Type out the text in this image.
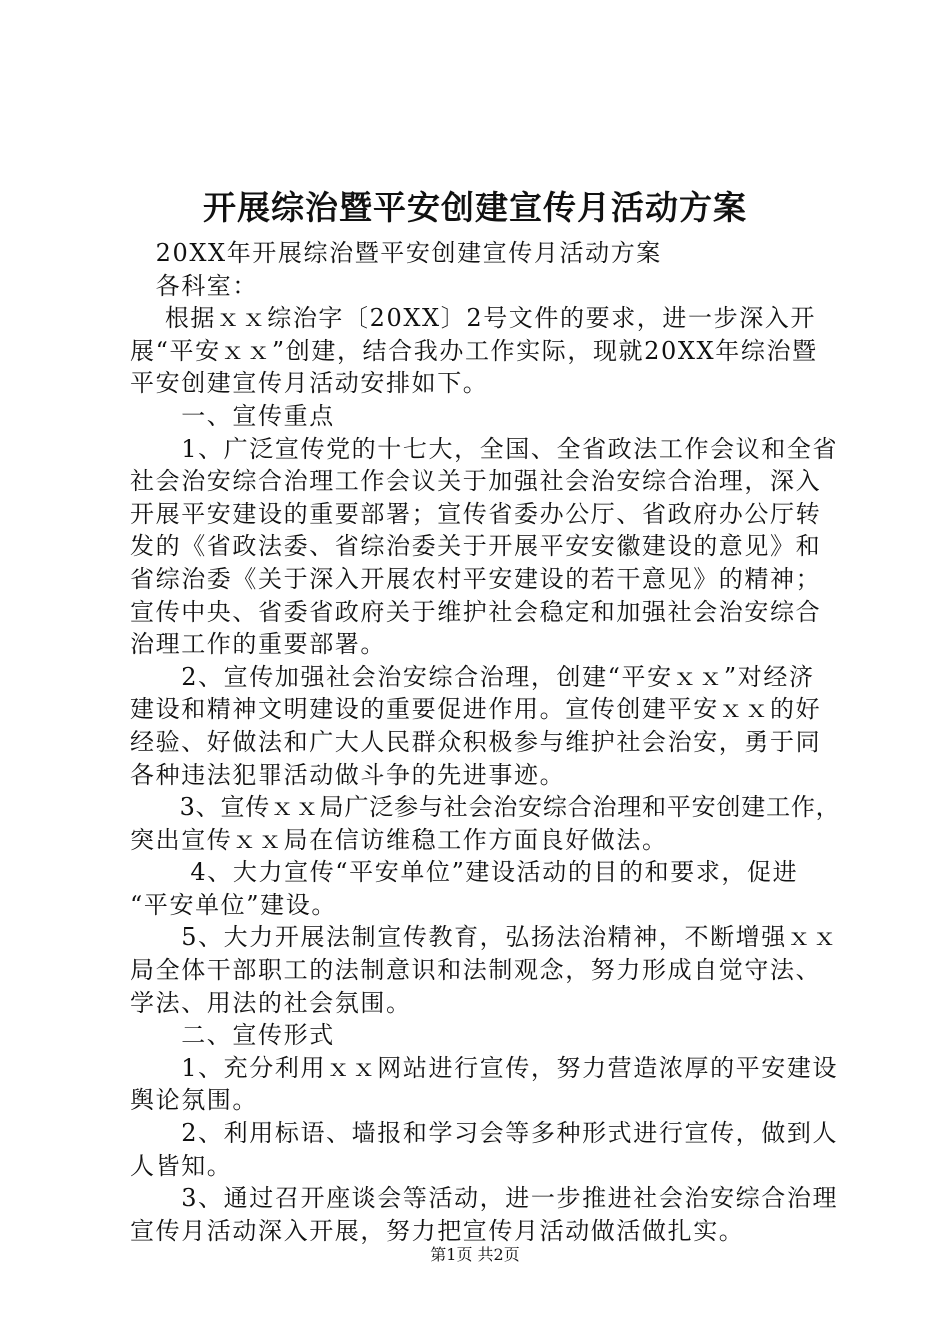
开展综治暨平安创建宣传月活动方案

　20XX年开展综治暨平安创建宣传月活动方案

　各科室：

　 根据ｘｘ综治字〔20XX〕2号文件的要求，进一步深入开

展“平安ｘｘ”创建，结合我办工作实际，现就20XX年综治暨

平安创建宣传月活动安排如下。

　　一、宣传重点

　　1、广泛宣传党的十七大，全国、全省政法工作会议和全省

社会治安综合治理工作会议关于加强社会治安综合治理，深入

开展平安建设的重要部署；宣传省委办公厅、省政府办公厅转

发的《省政法委、省综治委关于开展平安安徽建设的意见》和

省综治委《关于深入开展农村平安建设的若干意见》的精神；

宣传中央、省委省政府关于维护社会稳定和加强社会治安综合

治理工作的重要部署。

　　2、宣传加强社会治安综合治理，创建“平安ｘｘ”对经济

建设和精神文明建设的重要促进作用。宣传创建平安ｘｘ的好

经验、好做法和广大人民群众积极参与维护社会治安，勇于同

各种违法犯罪活动做斗争的先进事迹。

　　3、宣传ｘｘ局广泛参与社会治安综合治理和平安创建工作，

突出宣传ｘｘ局在信访维稳工作方面良好做法。

　　 4、大力宣传“平安单位”建设活动的目的和要求，促进

“平安单位”建设。

　　5、大力开展法制宣传教育，弘扬法治精神，不断增强ｘｘ

局全体干部职工的法制意识和法制观念，努力形成自觉守法、

学法、用法的社会氛围。

　　二、宣传形式

　　1、充分利用ｘｘ网站进行宣传，努力营造浓厚的平安建设

舆论氛围。

　　2、利用标语、墙报和学习会等多种形式进行宣传，做到人

人皆知。

　　3、通过召开座谈会等活动，进一步推进社会治安综合治理

宣传月活动深入开展，努力把宣传月活动做活做扎实。

第1页 共2页
